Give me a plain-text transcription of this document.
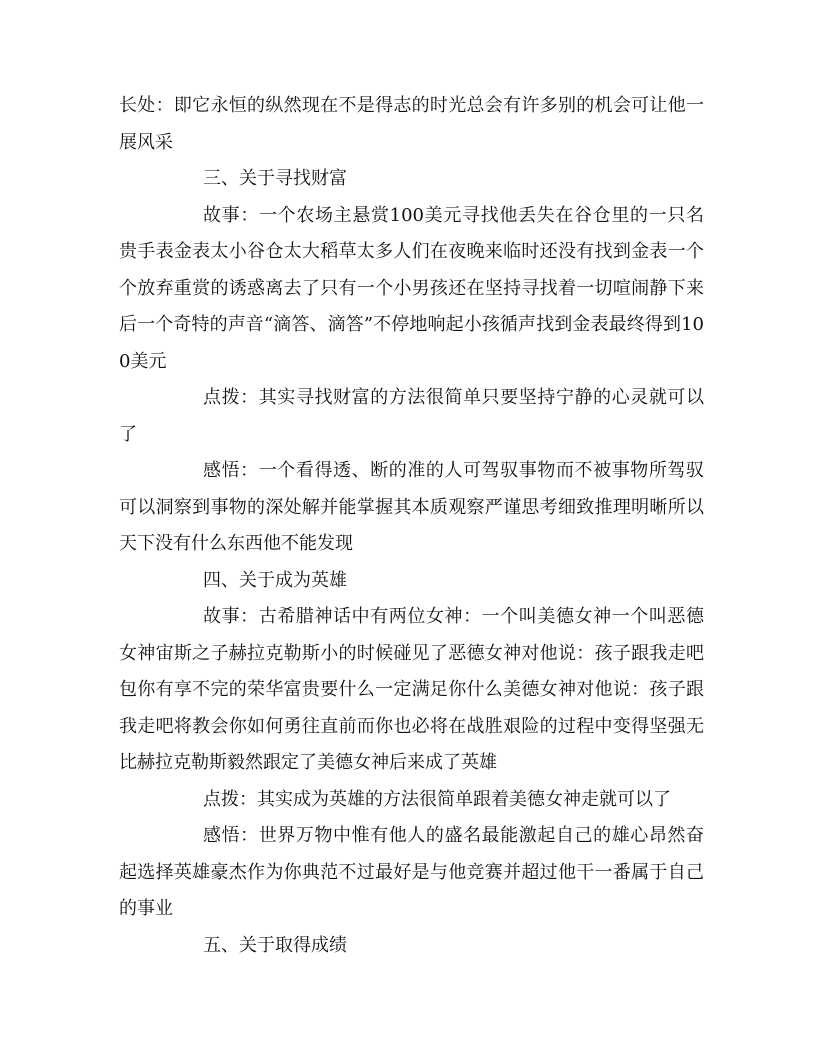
长处：即它永恒的纵然现在不是得志的时光总会有许多别的机会可让他一展风采

三、关于寻找财富

故事：一个农场主悬赏100美元寻找他丢失在谷仓里的一只名贵手表金表太小谷仓太大稻草太多人们在夜晚来临时还没有找到金表一个个放弃重赏的诱惑离去了只有一个小男孩还在坚持寻找着一切喧闹静下来后一个奇特的声音“滴答、滴答”不停地响起小孩循声找到金表最终得到100美元

点拨：其实寻找财富的方法很简单只要坚持宁静的心灵就可以了

感悟：一个看得透、断的准的人可驾驭事物而不被事物所驾驭可以洞察到事物的深处解并能掌握其本质观察严谨思考细致推理明晰所以天下没有什么东西他不能发现

四、关于成为英雄

故事：古希腊神话中有两位女神：一个叫美德女神一个叫恶德女神宙斯之子赫拉克勒斯小的时候碰见了恶德女神对他说：孩子跟我走吧包你有享不完的荣华富贵要什么一定满足你什么美德女神对他说：孩子跟我走吧将教会你如何勇往直前而你也必将在战胜艰险的过程中变得坚强无比赫拉克勒斯毅然跟定了美德女神后来成了英雄

点拨：其实成为英雄的方法很简单跟着美德女神走就可以了

感悟：世界万物中惟有他人的盛名最能激起自己的雄心昂然奋起选择英雄豪杰作为你典范不过最好是与他竞赛并超过他干一番属于自己的事业

五、关于取得成绩
